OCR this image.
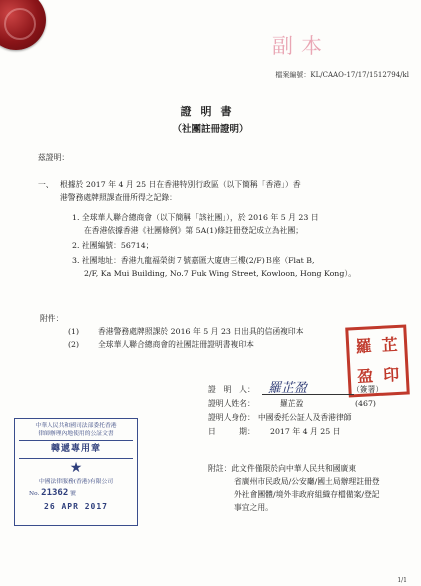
副本
檔案編號：KL/CAAO-17/17/1512794/kl
證明書
（社團註冊證明）
茲證明：
一、 根據於 2017 年 4 月 25 日在香港特別行政區（以下簡稱「香港」）香
港警務處牌照課查冊所得之記錄：
1. 全球華人聯合總商會（以下簡稱「該社團」），於 2016 年 5 月 23 日
在香港依據香港《社團條例》第 5A(1)條註冊登記成立為社團；
2. 社團編號：56714；
3. 社團地址：香港九龍福榮街７號嘉匯大廈唐三樓(2/F)Ｂ座（Flat B,
2/F, Ka Mui Building, No.7 Fuk Wing Street, Kowloon, Hong Kong）。
附件：
(1) 香港警務處牌照課於 2016 年 5 月 23 日出具的信函複印本
(2) 全球華人聯合總商會的社團註冊證明書複印本	羅 芷
盈 印
證　明　人： 羅芷盈	（簽署）
證明人姓名：	羅芷盈	(467)
證明人身份： 中國委托公証人及香港律師
日　　　期： 2017 年 4 月 25 日
中華人民共和國司法部委托香港
律師辦理內地使用的公証文書
轉遞專用章
★
中國法律服務(香港)有限公司
No. 21362 號
26 APR 2017
附註：此文件僅限於向中華人民共和國廣東
省廣州市民政局/公安廳/國土局辦理註冊登
外社會團體/境外非政府組織存檔備案/登記
事宜之用。
1/1
